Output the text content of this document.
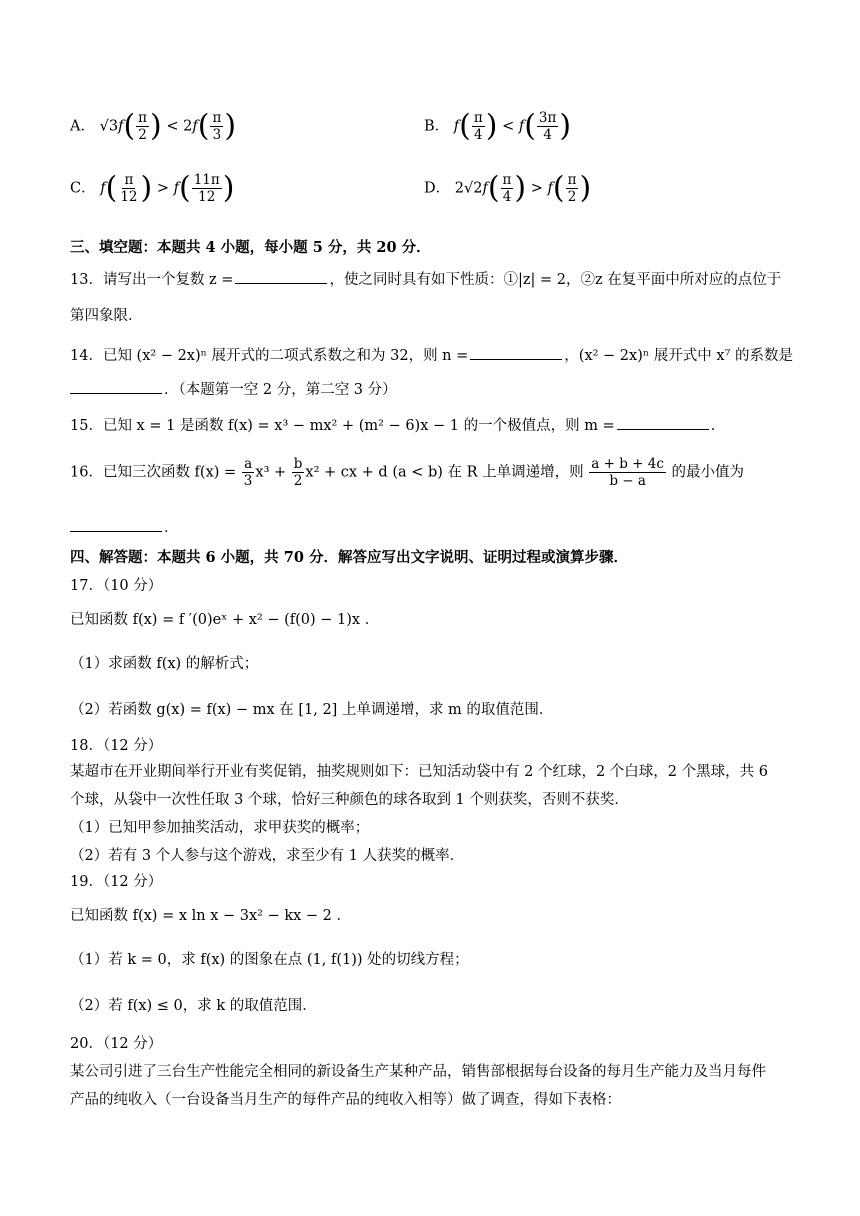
A． $√3f( \frac{\pi}{2}$ ) < $2f( \frac{\pi}{3}$ )	B． $f( \frac{\pi}{4}$ ) < $f( \frac{3\pi}{4}$ )
C． $f( \frac{\pi}{12}$ ) > $f( \frac{11\pi}{12}$ )	D． $2√2f( \frac{\pi}{4}$ ) > $f( \frac{\pi}{2}$ )
三、填空题：本题共 4 小题，每小题 5 分，共 20 分．
13．请写出一个复数 z =	，使之同时具有如下性质：①|z| = 2，②z 在复平面中所对应的点位于
第四象限．
14．已知 (x² − 2x)ⁿ 展开式的二项式系数之和为 32，则 n =	，(x² − 2x)ⁿ 展开式中 x⁷ 的系数是
．（本题第一空 2 分，第二空 3 分）
15．已知 x = 1 是函数 f(x) = x³ − mx² + (m² − 6)x − 1 的一个极值点，则 m =	．
16．已知三次函数 $f(x) = \frac{a}{3} x^3 + \frac{b}{2} x^2$ + cx + d (a < b) 在 R 上单调递增，则 $\frac{a + b + 4c}{b - a}$ 的最小值为
．
四、解答题：本题共 6 小题，共 70 分．解答应写出文字说明、证明过程或演算步骤．
17．（10 分）
已知函数 f(x) = f ′(0)eˣ + x² − (f(0) − 1)x ．
（1）求函数 f(x) 的解析式；
（2）若函数 g(x) = f(x) − mx 在 [1, 2] 上单调递增，求 m 的取值范围．
18．（12 分）
某超市在开业期间举行开业有奖促销，抽奖规则如下：已知活动袋中有 2 个红球，2 个白球，2 个黑球，共 6
个球，从袋中一次性任取 3 个球，恰好三种颜色的球各取到 1 个则获奖，否则不获奖．
（1）已知甲参加抽奖活动，求甲获奖的概率；
（2）若有 3 个人参与这个游戏，求至少有 1 人获奖的概率．
19．（12 分）
已知函数 f(x) = x ln x − 3x² − kx − 2 ．
（1）若 k = 0，求 f(x) 的图象在点 (1, f(1)) 处的切线方程；
（2）若 f(x) ≤ 0，求 k 的取值范围．
20．（12 分）
某公司引进了三台生产性能完全相同的新设备生产某种产品，销售部根据每台设备的每月生产能力及当月每件
产品的纯收入（一台设备当月生产的每件产品的纯收入相等）做了调查，得如下表格：
